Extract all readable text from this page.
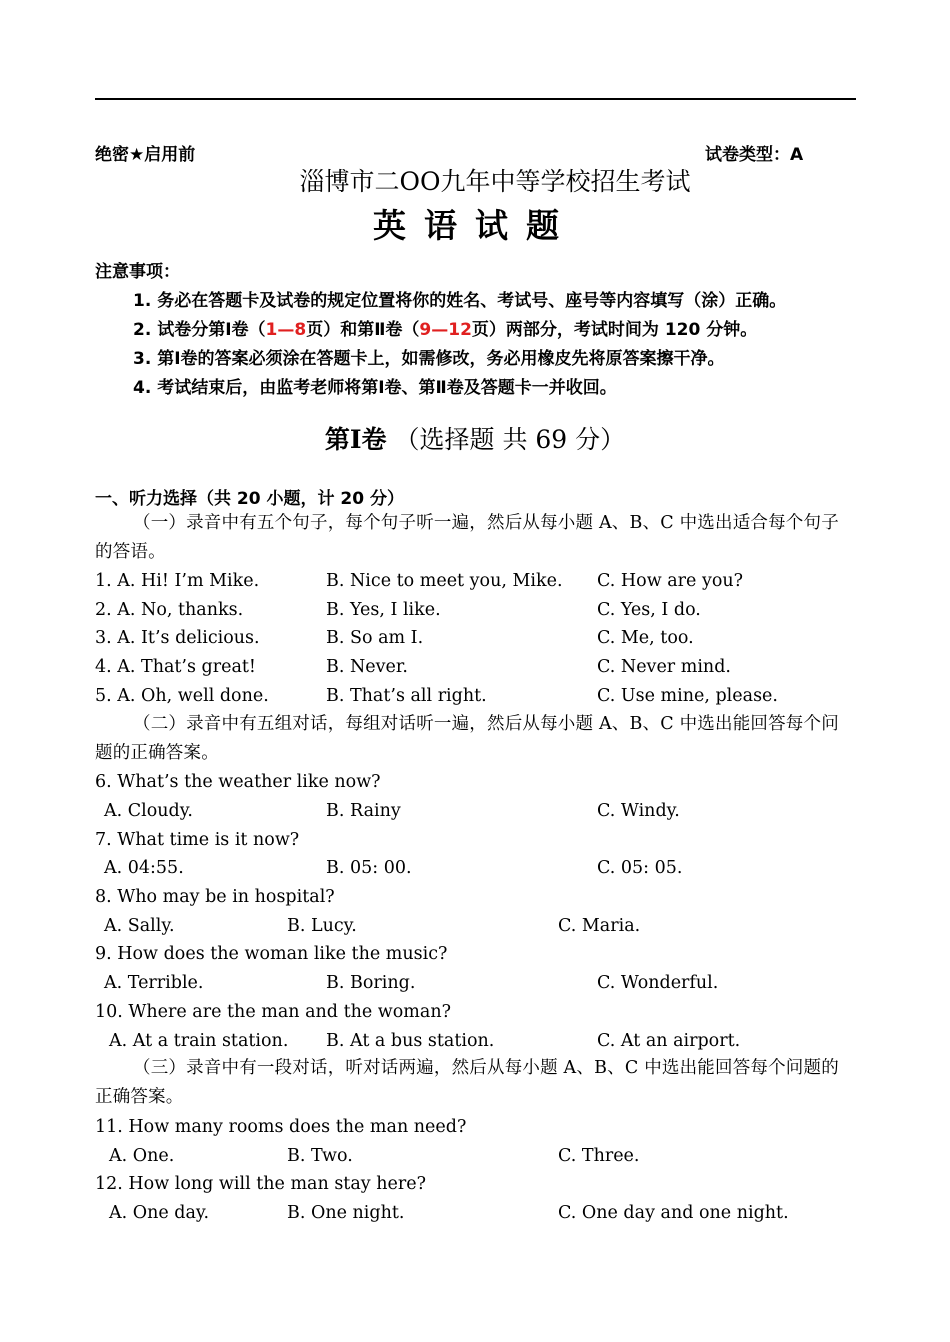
绝密★启用前	试卷类型：A
淄博市二OO九年中等学校招生考试
英语试题
注意事项：
1. 务必在答题卡及试卷的规定位置将你的姓名、考试号、座号等内容填写（涂）正确。
2. 试卷分第Ⅰ卷（1—8页）和第Ⅱ卷（9—12页）两部分，考试时间为 120 分钟。
3. 第Ⅰ卷的答案必须涂在答题卡上，如需修改，务必用橡皮先将原答案擦干净。
4. 考试结束后，由监考老师将第Ⅰ卷、第Ⅱ卷及答题卡一并收回。
第Ⅰ卷 （选择题 共 69 分）
一、听力选择（共 20 小题，计 20 分）
（一）录音中有五个句子，每个句子听一遍，然后从每小题 A、B、C 中选出适合每个句子的答语。
1. A. Hi! I’m Mike.	B. Nice to meet you, Mike. C. How are you?
2. A. No, thanks.	B. Yes, I like.	C. Yes, I do.
3. A. It’s delicious.	B. So am I.	C. Me, too.
4. A. That’s great!	B. Never.	C. Never mind.
5. A. Oh, well done.	B. That’s all right.	C. Use mine, please.
（二）录音中有五组对话，每组对话听一遍，然后从每小题 A、B、C 中选出能回答每个问题的正确答案。
6. What’s the weather like now?
A. Cloudy.	B. Rainy	C. Windy.
7. What time is it now?
A. 04:55.	B. 05: 00.	C. 05: 05.
8. Who may be in hospital?
A. Sally.	B. Lucy.	C. Maria.
9. How does the woman like the music?
A. Terrible.	B. Boring.	C. Wonderful.
10. Where are the man and the woman?
A. At a train station. B. At a bus station.	C. At an airport.
（三）录音中有一段对话，听对话两遍，然后从每小题 A、B、C 中选出能回答每个问题的正确答案。
11. How many rooms does the man need?
A. One.	B. Two.	C. Three.
12. How long will the man stay here?
A. One day.	B. One night.	C. One day and one night.
